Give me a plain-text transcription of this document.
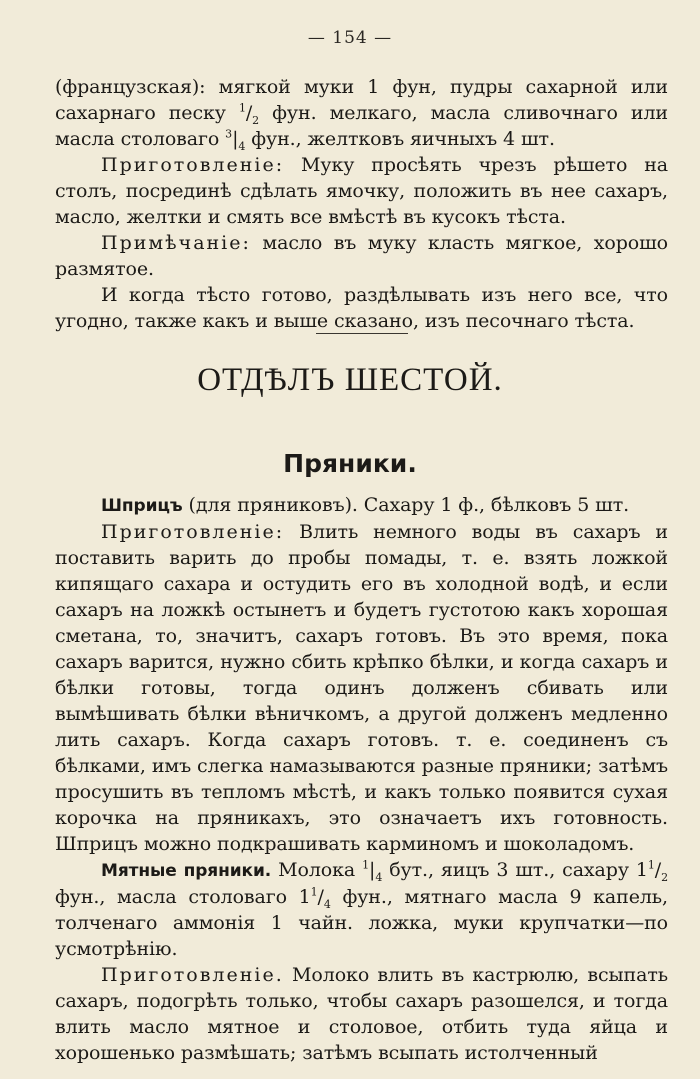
— 154 —

(французская): мягкой муки 1 фун, пудры сахарной или сахарнаго песку $^1/_2$ фун. мелкаго, масла сливочнаго или масла столоваго $^3|_4$ фун., желтковъ яичныхъ 4 шт.

Приготовленіе: Муку просѣять чрезъ рѣшето на столъ, посрединѣ сдѣлать ямочку, положить въ нее сахаръ, масло, желтки и смять все вмѣстѣ въ кусокъ тѣста.

Примѣчаніе: масло въ муку класть мягкое, хорошо размятое.

И когда тѣсто готово, раздѣлывать изъ него все, что угодно, также какъ и выше сказано, изъ песочнаго тѣста.

ОТДѢЛЪ ШЕСТОЙ.
Пряники.

Шприцъ (для пряниковъ). Сахару 1 ф., бѣлковъ 5 шт.

Приготовленіе: Влить немного воды въ сахаръ и поставить варить до пробы помады, т. е. взять ложкой кипящаго сахара и остудить его въ холодной водѣ, и если сахаръ на ложкѣ остынетъ и будетъ густотою какъ хорошая сметана, то, значитъ, сахаръ готовъ. Въ это время, пока сахаръ варится, нужно сбить крѣпко бѣлки, и когда сахаръ и бѣлки готовы, тогда одинъ долженъ сбивать или вымѣшивать бѣлки вѣничкомъ, а другой долженъ медленно лить сахаръ. Когда сахаръ готовъ. т. е. соединенъ съ бѣлками, имъ слегка намазываются разные пряники; затѣмъ просушить въ тепломъ мѣстѣ, и какъ только появится сухая корочка на пряникахъ, это означаетъ ихъ готовность. Шприцъ можно подкрашивать карминомъ и шоколадомъ.

Мятные пряники. Молока $^1|_4$ бут., яицъ 3 шт., сахару $1^1/_2$ фун., масла столоваго $1^1/_4$ фун., мятнаго масла 9 капель, толченаго аммонія 1 чайн. ложка, муки крупчатки—по усмотрѣнію.

Приготовленіе. Молоко влить въ кастрюлю, всыпать сахаръ, подогрѣть только, чтобы сахаръ разошелся, и тогда влить масло мятное и столовое, отбить туда яйца и хорошенько размѣшать; затѣмъ всыпать истолченный
